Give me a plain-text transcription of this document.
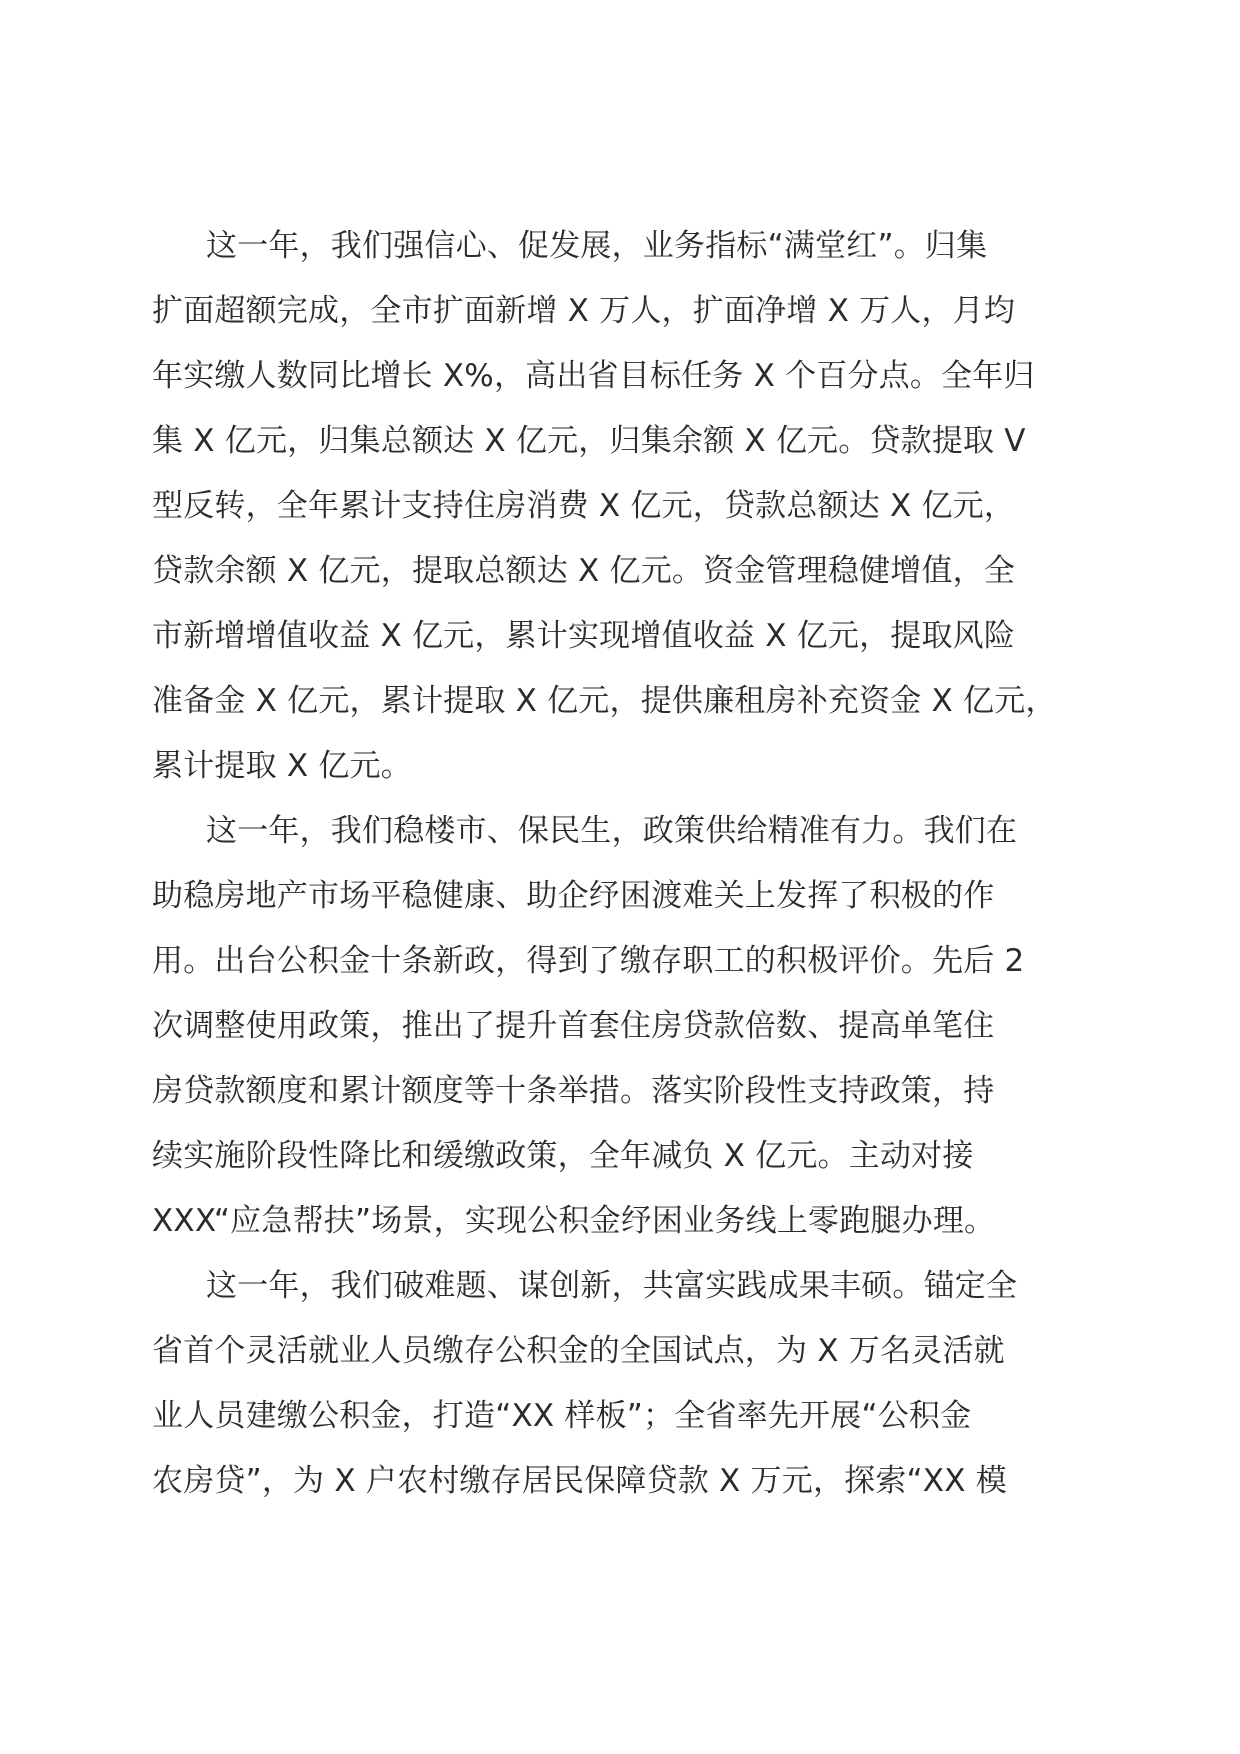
这一年，我们强信心、促发展，业务指标“满堂红”。归集
扩面超额完成，全市扩面新增 X 万人，扩面净增 X 万人，月均
年实缴人数同比增长 X%，高出省目标任务 X 个百分点。全年归
集 X 亿元，归集总额达 X 亿元，归集余额 X 亿元。贷款提取 V
型反转，全年累计支持住房消费 X 亿元，贷款总额达 X 亿元，
贷款余额 X 亿元，提取总额达 X 亿元。资金管理稳健增值，全
市新增增值收益 X 亿元，累计实现增值收益 X 亿元，提取风险
准备金 X 亿元，累计提取 X 亿元，提供廉租房补充资金 X 亿元，
累计提取 X 亿元。
这一年，我们稳楼市、保民生，政策供给精准有力。我们在
助稳房地产市场平稳健康、助企纾困渡难关上发挥了积极的作
用。出台公积金十条新政，得到了缴存职工的积极评价。先后 2
次调整使用政策，推出了提升首套住房贷款倍数、提高单笔住
房贷款额度和累计额度等十条举措。落实阶段性支持政策，持
续实施阶段性降比和缓缴政策，全年减负 X 亿元。主动对接
XXX“应急帮扶”场景，实现公积金纾困业务线上零跑腿办理。
这一年，我们破难题、谋创新，共富实践成果丰硕。锚定全
省首个灵活就业人员缴存公积金的全国试点，为 X 万名灵活就
业人员建缴公积金，打造“XX 样板”；全省率先开展“公积金
农房贷”，为 X 户农村缴存居民保障贷款 X 万元，探索“XX 模
